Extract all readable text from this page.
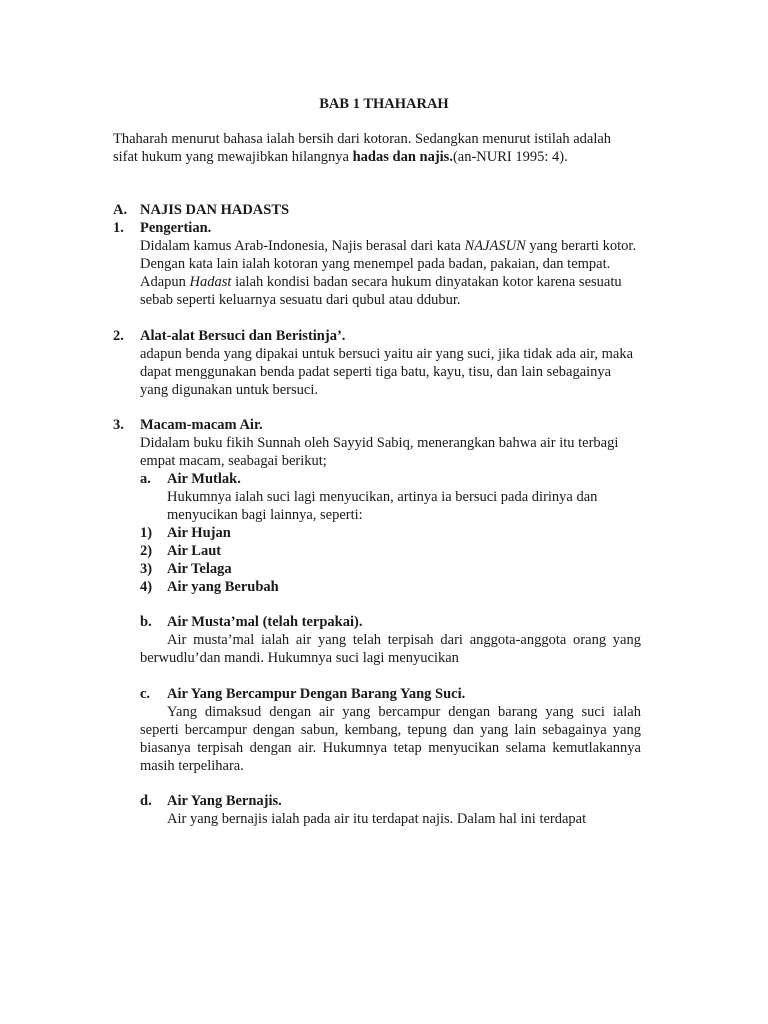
BAB 1 THAHARAH
Thaharah menurut bahasa ialah bersih dari kotoran. Sedangkan menurut istilah adalah
sifat hukum yang mewajibkan hilangnya hadas dan najis.(an-NURI 1995: 4).
A. NAJIS DAN HADASTS
1. Pengertian.
Didalam kamus Arab-Indonesia, Najis berasal dari kata NAJASUN yang berarti kotor.
Dengan kata lain ialah kotoran yang menempel pada badan, pakaian, dan tempat.
Adapun Hadast ialah kondisi badan secara hukum dinyatakan kotor karena sesuatu
sebab seperti keluarnya sesuatu dari qubul atau ddubur.
2. Alat-alat Bersuci dan Beristinja’.
adapun benda yang dipakai untuk bersuci yaitu air yang suci, jika tidak ada air, maka
dapat menggunakan benda padat seperti tiga batu, kayu, tisu, dan lain sebagainya
yang digunakan untuk bersuci.
3. Macam-macam Air.
Didalam buku fikih Sunnah oleh Sayyid Sabiq, menerangkan bahwa air itu terbagi
empat macam, seabagai berikut;
a. Air Mutlak.
Hukumnya ialah suci lagi menyucikan, artinya ia bersuci pada dirinya dan
menyucikan bagi lainnya, seperti:
1) Air Hujan
2) Air Laut
3) Air Telaga
4) Air yang Berubah
b. Air Musta’mal (telah terpakai).
Air musta’mal ialah air yang telah terpisah dari anggota-anggota orang yang
berwudlu’dan mandi. Hukumnya suci lagi menyucikan
c. Air Yang Bercampur Dengan Barang Yang Suci.
Yang dimaksud dengan air yang bercampur dengan barang yang suci ialah
seperti bercampur dengan sabun, kembang, tepung dan yang lain sebagainya yang
biasanya terpisah dengan air. Hukumnya tetap menyucikan selama kemutlakannya
masih terpelihara.
d. Air Yang Bernajis.
Air yang bernajis ialah pada air itu terdapat najis. Dalam hal ini terdapat
